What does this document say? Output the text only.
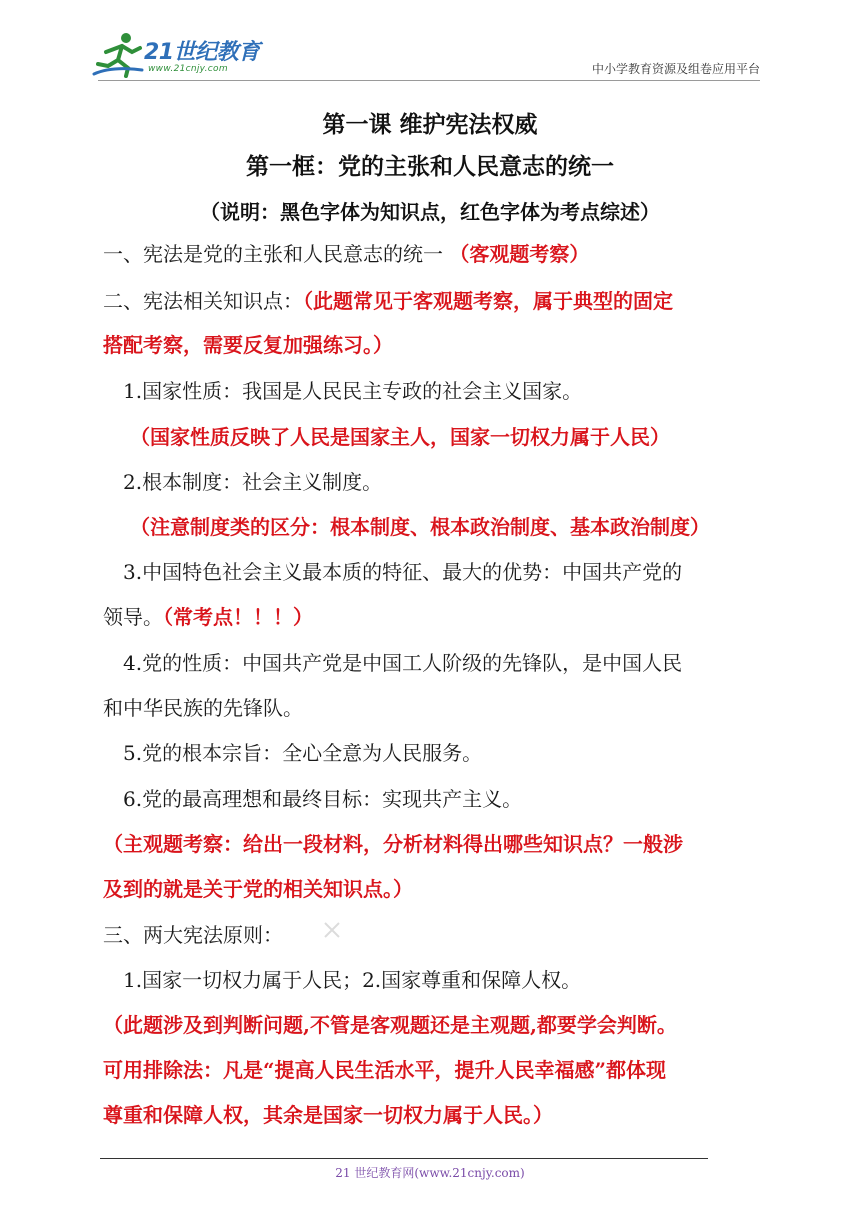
21世纪教育
www.21cnjy.com	中小学教育资源及组卷应用平台
第一课 维护宪法权威
第一框：党的主张和人民意志的统一
（说明：黑色字体为知识点，红色字体为考点综述）
一、宪法是党的主张和人民意志的统一 （客观题考察）
二、宪法相关知识点：（此题常见于客观题考察，属于典型的固定
搭配考察，需要反复加强练习。）
1.国家性质：我国是人民民主专政的社会主义国家。
（国家性质反映了人民是国家主人，国家一切权力属于人民）
2.根本制度：社会主义制度。
（注意制度类的区分：根本制度、根本政治制度、基本政治制度）
3.中国特色社会主义最本质的特征、最大的优势：中国共产党的
领导。（常考点！！！）
4.党的性质：中国共产党是中国工人阶级的先锋队，是中国人民
和中华民族的先锋队。
5.党的根本宗旨：全心全意为人民服务。
6.党的最高理想和最终目标：实现共产主义。
（主观题考察：给出一段材料，分析材料得出哪些知识点？一般涉
及到的就是关于党的相关知识点。）
三、两大宪法原则：
1.国家一切权力属于人民；2.国家尊重和保障人权。
（此题涉及到判断问题,不管是客观题还是主观题,都要学会判断。
可用排除法：凡是“提高人民生活水平，提升人民幸福感”都体现
尊重和保障人权，其余是国家一切权力属于人民。）
21 世纪教育网(www.21cnjy.com)
